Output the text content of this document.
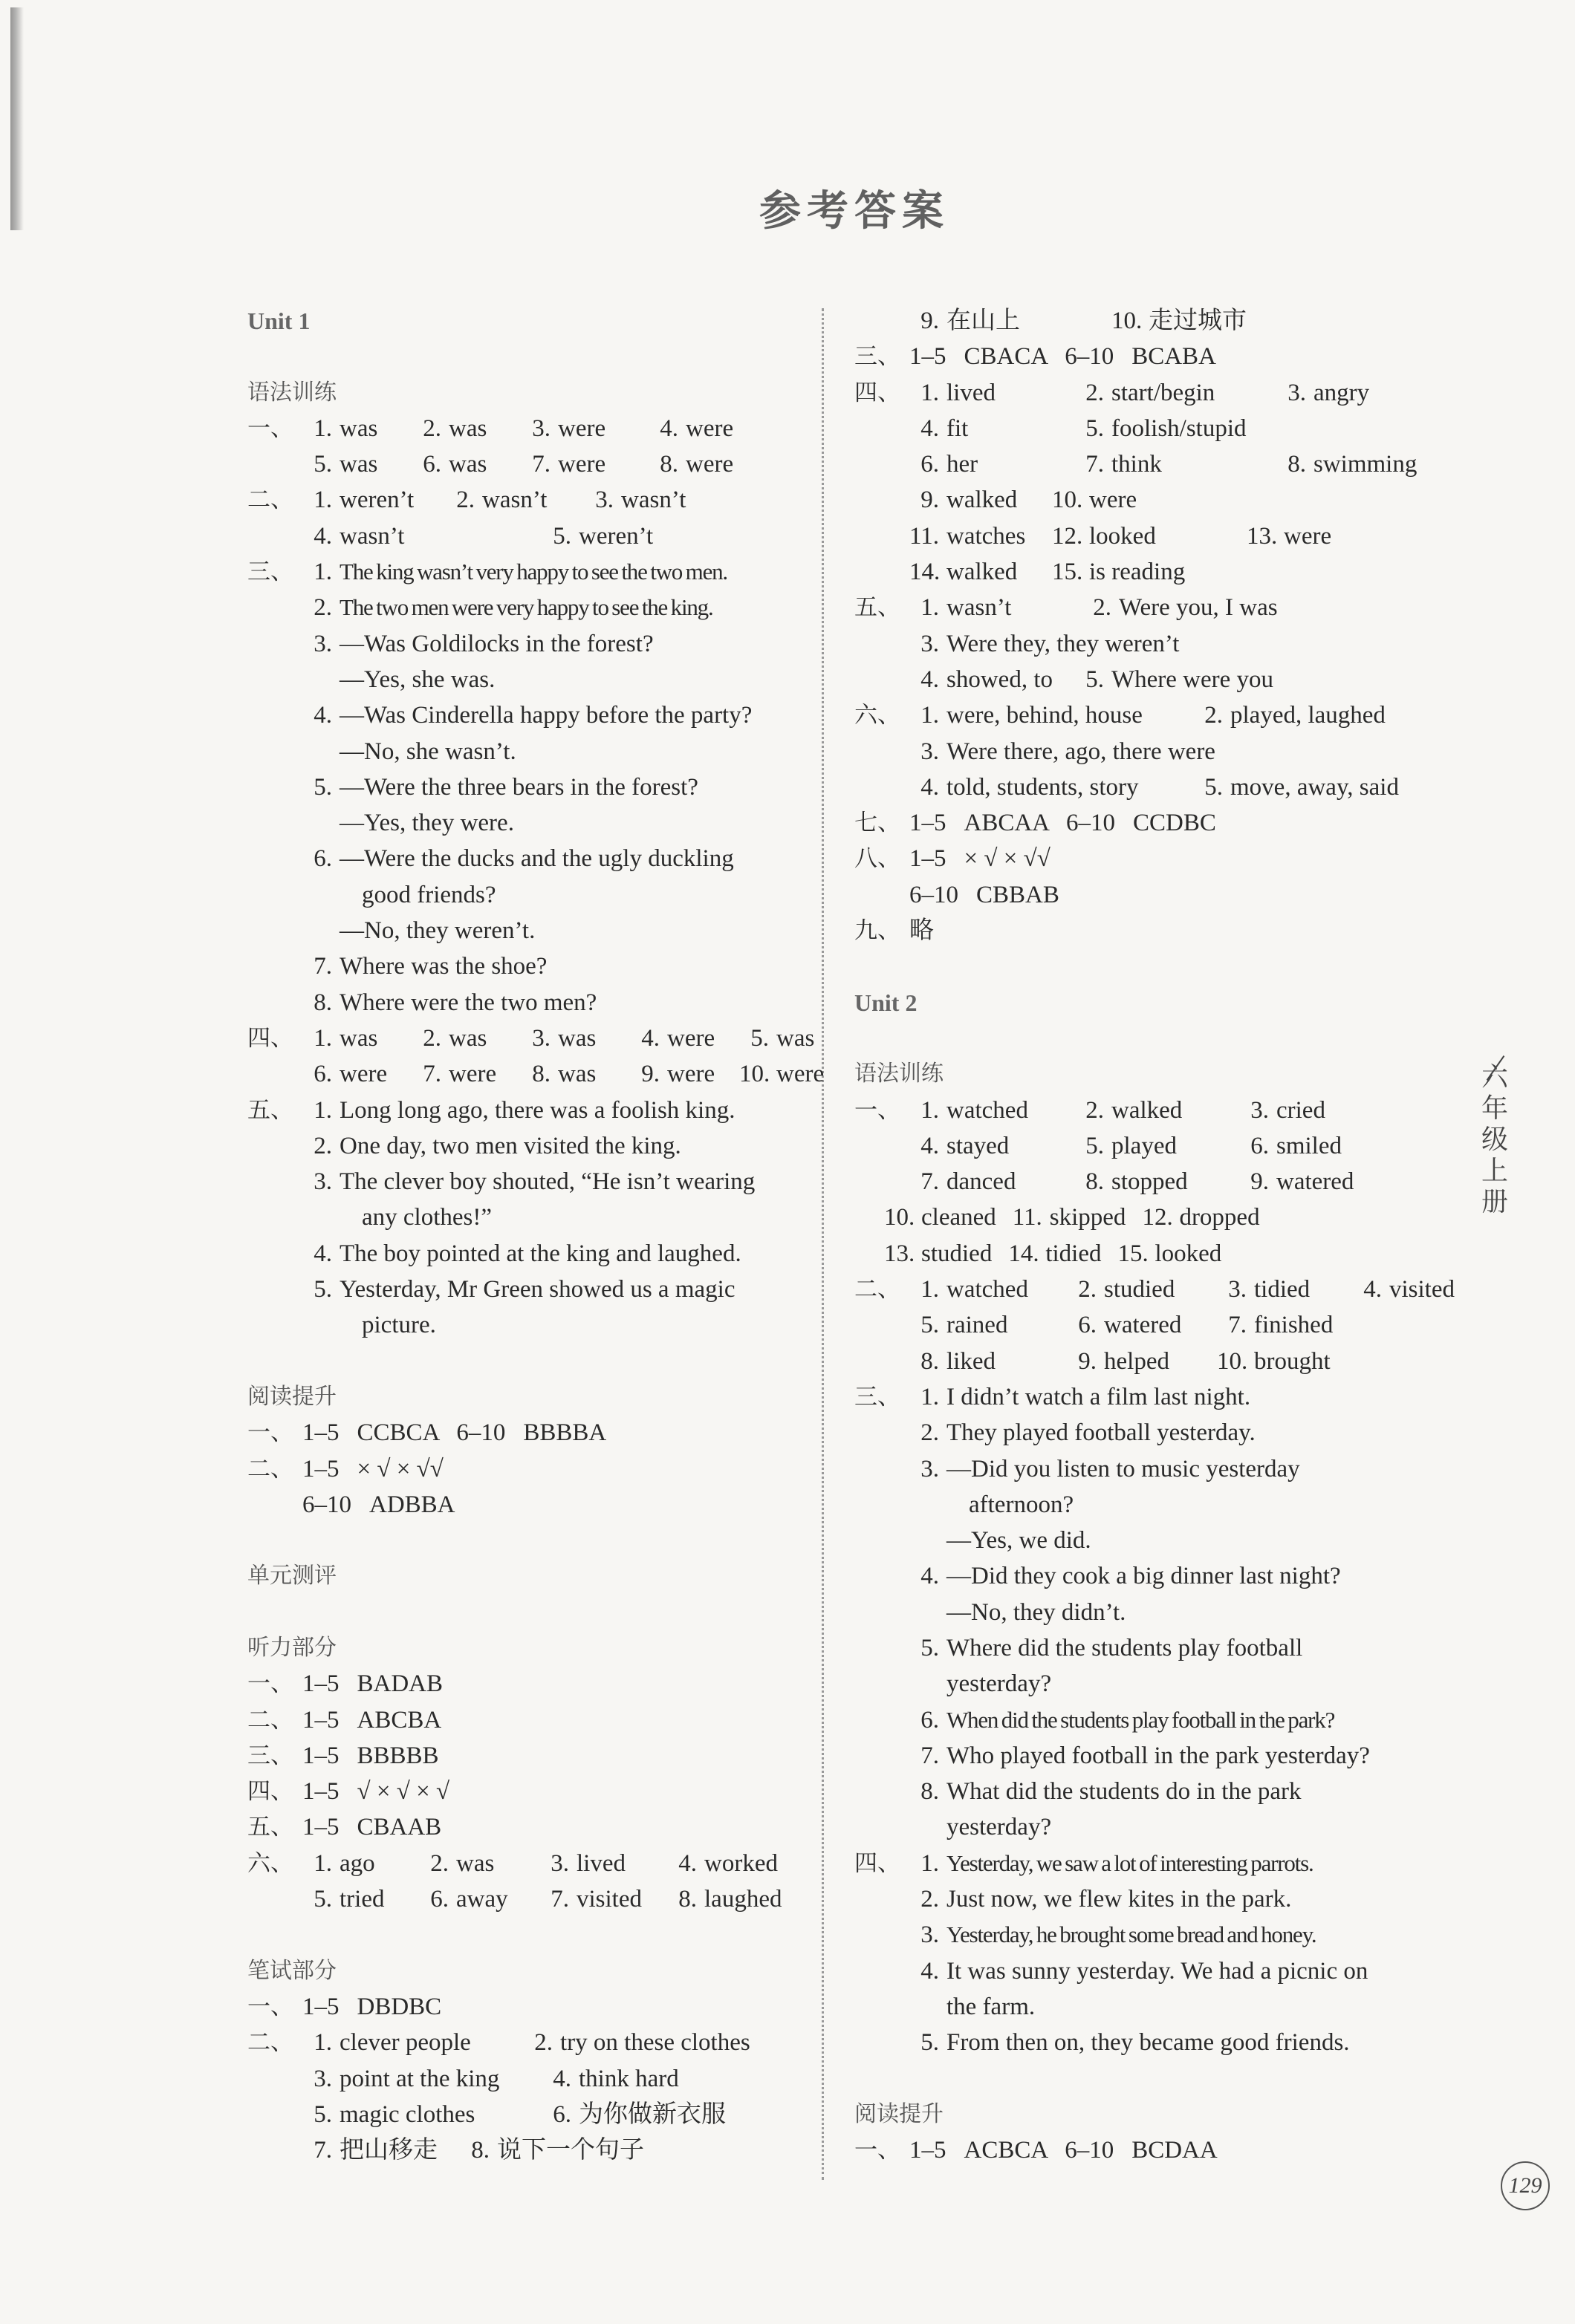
参考答案
Unit 1
语法训练
一、 1. was	2. was	3. were	4. were
5. was	6. was	7. were	8. were
二、 1. weren’t	2. wasn’t	3. wasn’t
4. wasn’t	5. weren’t
三、 1. The king wasn’t very happy to see the two men.
2. The two men were very happy to see the king.
3. —Was Goldilocks in the forest?
—Yes, she was.
4. —Was Cinderella happy before the party?
—No, she wasn’t.
5. —Were the three bears in the forest?
—Yes, they were.
6. —Were the ducks and the ugly duckling
good friends?
—No, they weren’t.
7. Where was the shoe?
8. Where were the two men?
四、 1. was	2. was	3. was	4. were	5. was
6. were	7. were	8. was	9. were 10. were
五、 1. Long long ago, there was a foolish king.
2. One day, two men visited the king.
3. The clever boy shouted, “He isn’t wearing
any clothes!”
4. The boy pointed at the king and laughed.
5. Yesterday, Mr Green showed us a magic
picture.
阅读提升
一、 1–5 CCBCA 6–10 BBBBA
二、 1–5 × √ × √√
6–10 ADBBA
单元测评
听力部分
一、 1–5 BADAB
二、 1–5 ABCBA
三、 1–5 BBBBB
四、 1–5 √ × √ × √
五、 1–5 CBAAB
六、 1. ago	2. was	3. lived	4. worked
5. tried	6. away	7. visited	8. laughed
笔试部分
一、 1–5 DBDBC
二、 1. clever people	2. try on these clothes
3. point at the king	4. think hard
5. magic clothes	6. 为你做新衣服
7. 把山移走	8. 说下一个句子
9. 在山上	10. 走过城市
三、 1–5 CBACA 6–10 BCABA
四、 1. lived	2. start/begin	3. angry
4. fit	5. foolish/stupid
6. her	7. think	8. swimming
9. walked	10. were
11. watches	12. looked	13. were
14. walked	15. is reading
五、 1. wasn’t	2. Were you, I was
3. Were they, they weren’t
4. showed, to	5. Where were you
六、 1. were, behind, house	2. played, laughed
3. Were there, ago, there were
4. told, students, story	5. move, away, said
七、 1–5 ABCAA 6–10 CCDBC
八、 1–5 × √ × √√
6–10 CBBAB
九、 略
Unit 2
语法训练
一、 1. watched	2. walked	3. cried
4. stayed	5. played	6. smiled
7. danced	8. stopped	9. watered
10. cleaned 11. skipped 12. dropped
13. studied 14. tidied 15. looked
二、 1. watched	2. studied	3. tidied	4. visited
5. rained	6. watered	7. finished
8. liked	9. helped	10. brought
三、 1. I didn’t watch a film last night.
2. They played football yesterday.
3. —Did you listen to music yesterday
afternoon?
—Yes, we did.
4. —Did they cook a big dinner last night?
—No, they didn’t.
5. Where did the students play football
yesterday?
6. When did the students play football in the park?
7. Who played football in the park yesterday?
8. What did the students do in the park
yesterday?
四、 1. Yesterday, we saw a lot of interesting parrots.
2. Just now, we flew kites in the park.
3. Yesterday, he brought some bread and honey.
4. It was sunny yesterday. We had a picnic on
the farm.
5. From then on, they became good friends.
阅读提升
一、 1–5 ACBCA 6–10 BCDAA
六年级上册
129
